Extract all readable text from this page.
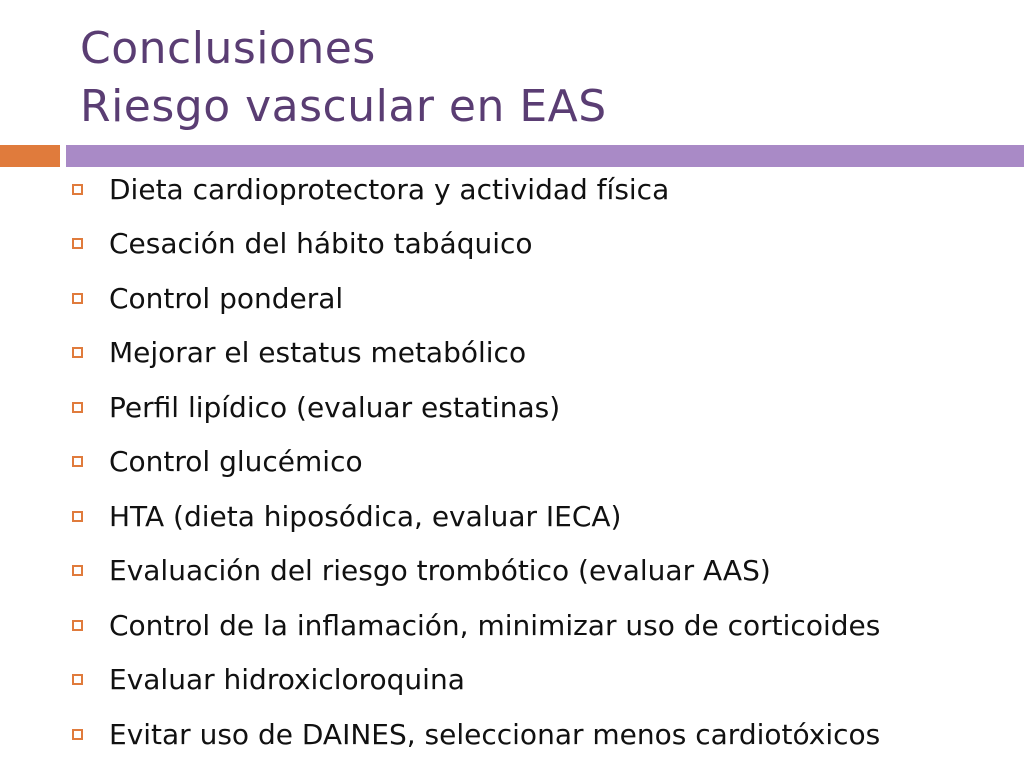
Conclusiones
Riesgo vascular en EAS
Dieta cardioprotectora y actividad física
Cesación del hábito tabáquico
Control ponderal
Mejorar el estatus metabólico
Perfil lipídico (evaluar estatinas)
Control glucémico
HTA (dieta hiposódica, evaluar IECA)
Evaluación del riesgo trombótico (evaluar AAS)
Control de la inflamación, minimizar uso de corticoides
Evaluar hidroxicloroquina
Evitar uso de DAINES, seleccionar menos cardiotóxicos
